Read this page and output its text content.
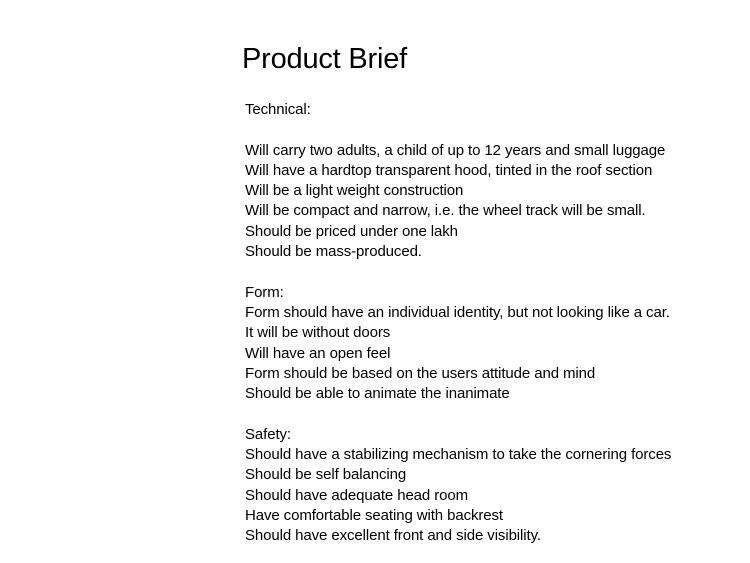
Product Brief
Technical:
Will carry two adults, a child of up to 12 years and small luggage
Will have a hardtop transparent hood, tinted in the roof section
Will be a light weight construction
Will be compact and narrow, i.e. the wheel track will be small.
Should be priced under one lakh
Should be mass-produced.
Form:
Form should have an individual identity, but not looking like a car.
It will be without doors
Will have an open feel
Form should be based on the users attitude and mind
Should be able to animate the inanimate
Safety:
Should have a stabilizing mechanism to take the cornering forces
Should be self balancing
Should have adequate head room
Have comfortable seating with backrest
Should have excellent front and side visibility.
